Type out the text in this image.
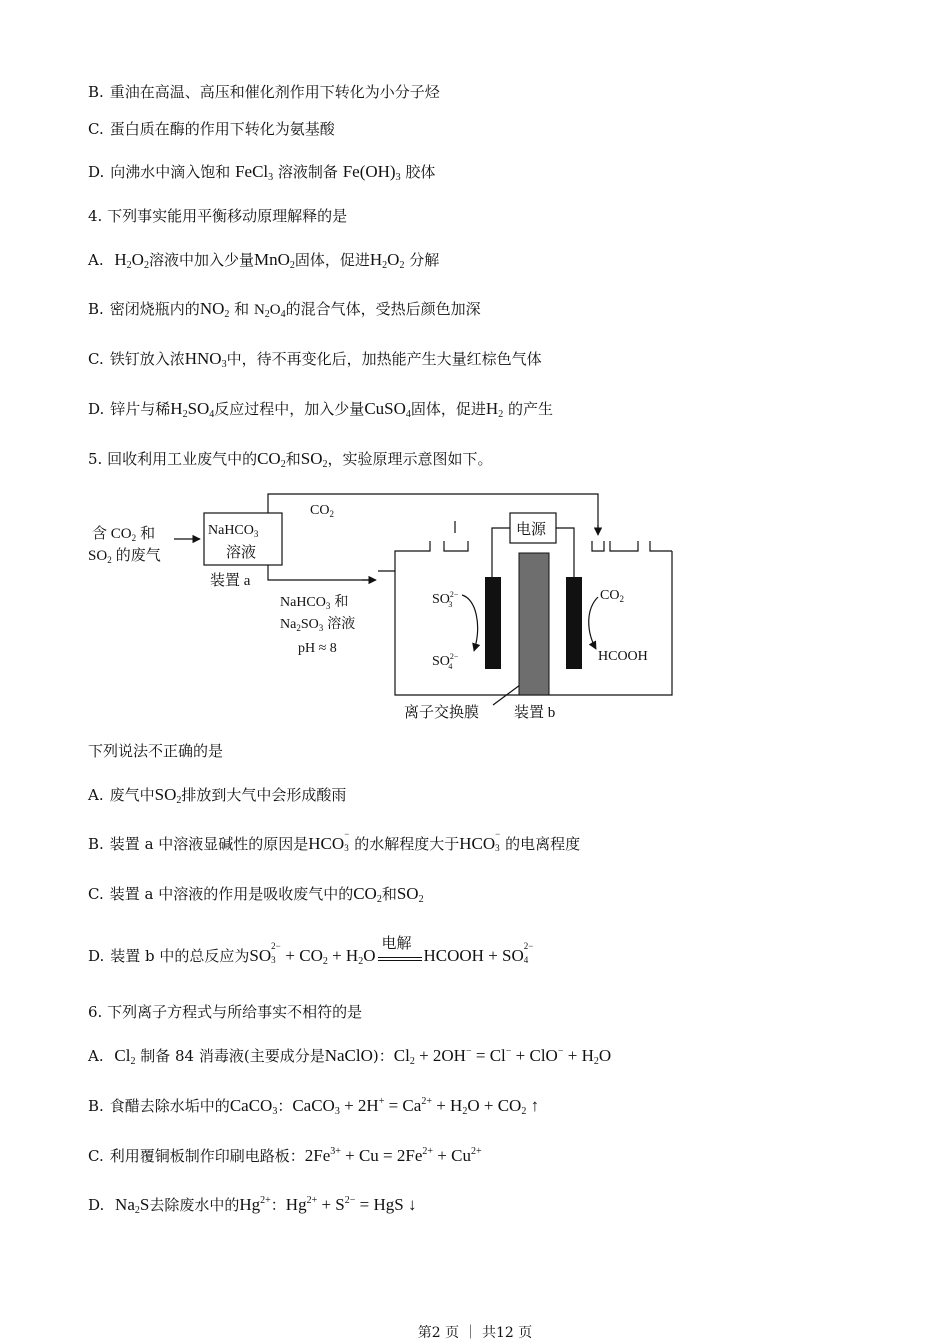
B. 重油在高温、高压和催化剂作用下转化为小分子烃
C. 蛋白质在酶的作用下转化为氨基酸
D. 向沸水中滴入饱和 FeCl$_3$ 溶液制备 $Fe(OH)_3$ 胶体
4. 下列事实能用平衡移动原理解释的是
A. $H_2O_2$溶液中加入少量MnO$_2$固体，促进$H_2O_2$ 分解
B. 密闭烧瓶内的$NO_2$ 和 $N_2O_4$的混合气体，受热后颜色加深
C. 铁钉放入浓$HNO_3$中，待不再变化后，加热能产生大量红棕色气体
D. 锌片与稀$H_2SO_4$反应过程中，加入少量CuSO$_4$固体，促进$H_2$ 的产生
5. 回收利用工业废气中的$CO_2$和$SO_2$，实验原理示意图如下。
含 $CO_2$ 和
$SO_2$ 的废气
NaHCO$_3$
溶液
装置 a
$CO_2$
电源
NaHCO$_3$ 和
$Na_2SO_3$ 溶液
pH ≈ 8
$SO^{2-}$ 3
$SO^{2-}$ 4
$CO_2$
HCOOH
离子交换膜 装置 b
下列说法不正确的是
A. 废气中$SO_2$排放到大气中会形成酸雨
B. 装置 a 中溶液显碱性的原因是HCO −
3 的水解程度大于HCO −
3 的电离程度
C. 装置 a 中溶液的作用是吸收废气中的$CO_2$和$SO_2$
D. 装置 b 中的总反应为SO 2−
$3 + CO_2 + H_2O$
电解
HCOOH + SO 2−
4
6. 下列离子方程式与所给事实不相符的是
A. $Cl_2$ 制备 84 消毒液(主要成分是NaClO)：$Cl_2 + 2OH^- = Cl^- + ClO^- + H_2O$
B. 食醋去除水垢中的CaCO$_3$：CaCO$_3$ + $2H^+ = Ca^{2+} + H_2O + CO_2$ ↑
C. 利用覆铜板制作印刷电路板：$2Fe^{3+} + Cu = 2Fe^{2+} + Cu^{2+}$
D. $Na_2S$去除废水中的$Hg^{2+}$：$Hg^{2+} + S^{2-}$ = HgS ↓
第2 页 ｜ 共12 页
